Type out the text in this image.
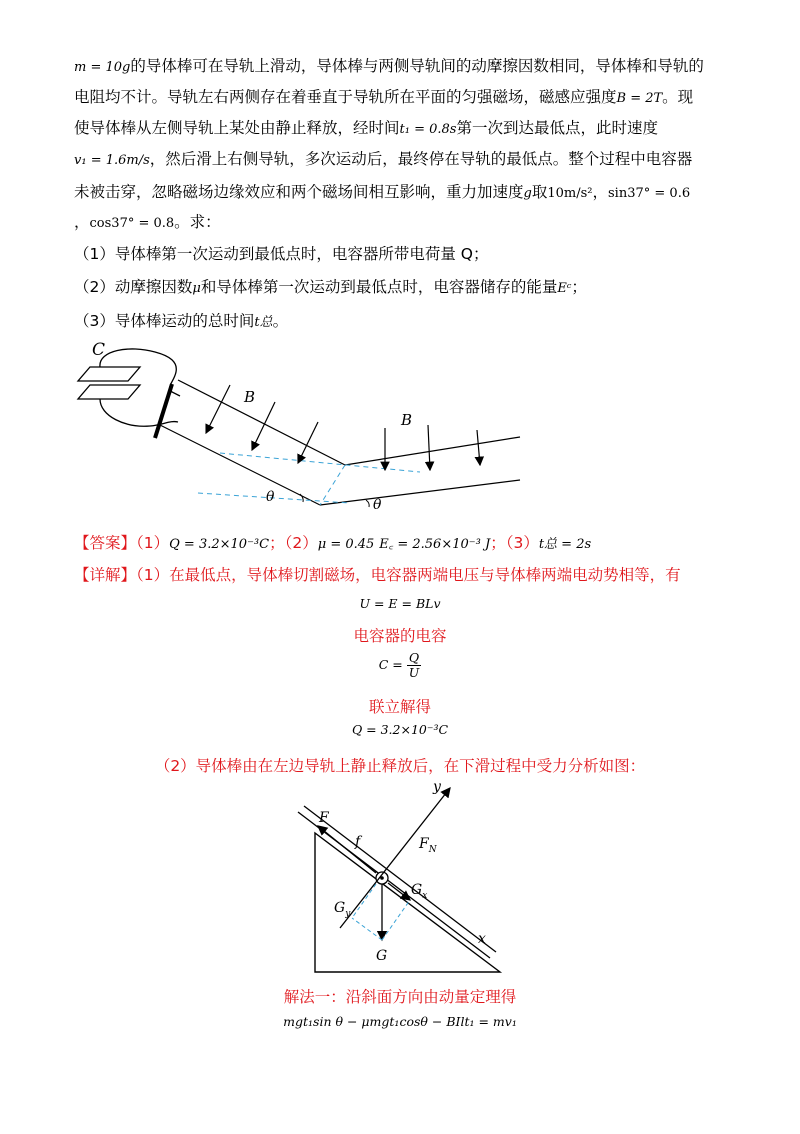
m = 10g的导体棒可在导轨上滑动，导体棒与两侧导轨间的动摩擦因数相同，导体棒和导轨的
电阻均不计。导轨左右两侧存在着垂直于导轨所在平面的匀强磁场，磁感应强度B = 2T。现
使导体棒从左侧导轨上某处由静止释放，经时间t₁ = 0.8s第一次到达最低点，此时速度
v₁ = 1.6m/s，然后滑上右侧导轨，多次运动后，最终停在导轨的最低点。整个过程中电容器
未被击穿，忽略磁场边缘效应和两个磁场间相互影响，重力加速度g取10m/s²，sin37° = 0.6
，cos37° = 0.8。求：
（1）导体棒第一次运动到最低点时，电容器所带电荷量 Q；
（2）动摩擦因数μ和导体棒第一次运动到最低点时，电容器储存的能量Eᶜ；
（3）导体棒运动的总时间t总。
C
B
B
θ	θ
【答案】（1）Q = 3.2×10⁻³C；（2）μ = 0.45 E꜀ = 2.56×10⁻³ J；（3）t总 = 2s
【详解】（1）在最低点，导体棒切割磁场，电容器两端电压与导体棒两端电动势相等，有
U = E = BLv
电容器的电容
$C = \frac{Q}{U}$
联立解得
Q = 3.2×10⁻³C
（2）导体棒由在左边导轨上静止释放后，在下滑过程中受力分析如图：
y
F
f	$F_N$
$G_x$
$G_y$
G
x
解法一：沿斜面方向由动量定理得
mgt₁sin θ − μmgt₁cosθ − BIlt₁ = mv₁
